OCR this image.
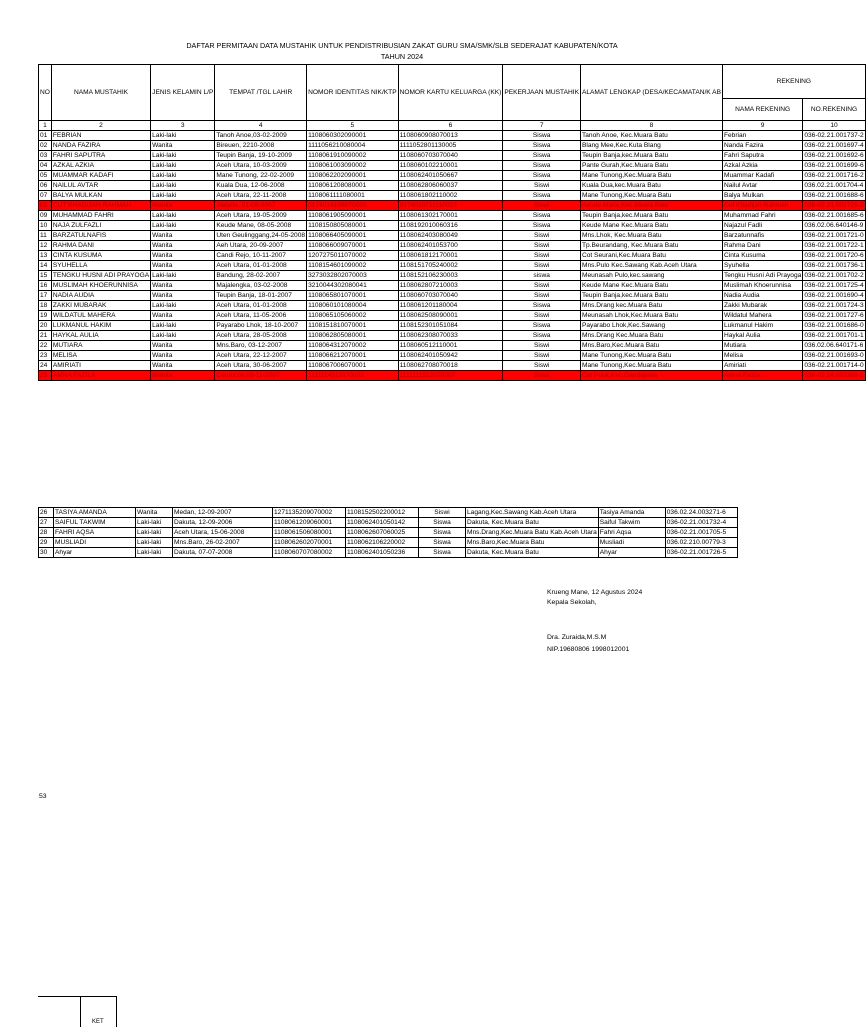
DAFTAR PERMITAAN DATA MUSTAHIK UNTUK PENDISTRIBUSIAN ZAKAT GURU SMA/SMK/SLB SEDERAJAT KABUPATEN/KOTA
TAHUN 2024
NO	NAMA MUSTAHIK	JENIS KELAMIN L/P	TEMPAT /TGL LAHIR	NOMOR IDENTITAS NIK/KTP	NOMOR KARTU KELUARGA (KK)	PEKERJAAN MUSTAHIK	ALAMAT LENGKAP (DESA/KECAMATAN/K AB	REKENING	
								NAMA REKENING	NO.REKENING
1	2	3	4	5	6	7	8	9	10
01	FEBRIAN	Laki-laki	Tanoh Anoe,03-02-2009	1108060302090001	1108060908070013	Siswa	Tanoh Anoe, Kec.Muara Batu	Febrian	036-02.21.001737-2
02	NANDA FAZIRA	Wanita	Bireuen, 2210-2008	1111056210080004	1111052801130005	Siswa	Blang Mee,Kec.Kuta Blang	Nanda Fazira	036-02.21.001697-4
03	FAHRI SAPUTRA	Laki-laki	Teupin Banja, 19-10-2009	1108061910090002	1108060703070040	Siswa	Teupin Banja,kec.Muara Batu	Fahri Saputra	036-02.21.001692-6
04	AZKAL AZKIA	Laki-laki	Aceh Utara, 10-03-2009	1108061003090002	1108060102210001	Siswa	Pante Gurah,Kec.Muara Batu	Azkal Azkia	036-02.21.001699-6
05	MUAMMAR KADAFI	Laki-laki	Mane Tunong, 22-02-2009	1108062202090001	1108062401050667	Siswa	Mane Tunong,Kec.Muara Batu	Muammar Kadafi	036-02.21.001716-2
06	NAILUL AVTAR	Laki-laki	Kuala Dua, 12-06-2008	1108061208080001	1108062806060037	Siswi	Kuala Dua,kec.Muara Batu	Nailul Avtar	036.02.21.001704-4
07	BALYA MULKAN	Laki-laki	Aceh Utara, 22-11-2008	1108061111080001	1108061802110002	Siswa	Mane Tunong,Kec.Muara Batu	Balya Mulkan	036-02.21.001688-6
08	CUT KHADIJAH RAHMAH	Wanita	Jakarta, 01-08-2007	3174014108070001	3174010711110023	Siswi	Keude Mane,Kec.Muara Batu	Cut Khadijah Rahmah	036-02.21.001725-2
09	MUHAMMAD FAHRI	Laki-laki	Aceh Utara, 19-05-2009	1108061905090001	1108061302170001	Siswa	Teupin Banja,kec.Muara Batu	Muhammad Fahri	036-02.21.001685-6
10	NAJA ZULFAZLI	Laki-laki	Keude Mane, 08-05-2008	1108150805080001	1108192010060316	Siswa	Keude Mane Kec.Muara Batu	Najazul Fadli	036.02.06.640146-9
11	BARZATULNAFIS	Wanita	Uten Geulinggang,24-05-2008	1108066405090001	1108062403080049	Siswi	Mns.Lhok, Kec.Muara Batu	Barzatunnafis	036-02.21.001721-0
12	RAHMA DANI	Wanita	Aeh Utara, 20-09-2007	1108066009070001	1108062401053700	Siswi	Tp.Beurandang, Kec.Muara Batu	Rahma Dani	036-02.21.001722-1
13	CINTA KUSUMA	Wanita	Candi Rejo, 10-11-2007	1207275011070002	1108061812170001	Siswi	Cot Seurani,Kec.Muara Batu	Cinta Kusuma	036-02.21.001720-6
14	SYUHELLA	Wanita	Aceh Utara, 01-01-2008	1108154601090002	1108151705240002	Siswi	Mns.Pulo Kec.Sawang Kab.Aceh Utara	Syuhella	036-02.21.001736-1
15	TENGKU HUSNI ADI PRAYOGA	Laki-laki	Bandung, 28-02-2007	3273032802070003	1108152106230003	siswa	Meunasah Pulo,kec.sawang	Tengku Husni Adi Prayoga	036-02.21.001702-2
16	MUSLIMAH KHOERUNNISA	Wanita	Majalengka, 03-02-2008	3210044302080041	1108062807210003	Siswi	Keude Mane Kec.Muara Batu	Muslimah Khoerunnisa	036-02.21.001725-4
17	NADIA AUDIA	Wanita	Teupin Banja, 18-01-2007	1108065801070001	1108060703070040	Siswi	Teupin Banja,kec.Muara Batu	Nadia Audia	036-02.21.001690-4
18	ZAKKI MUBARAK	Laki-laki	Aceh Utara, 01-01-2008	1108060101080004	1108061201180004	Siswa	Mns.Drang kec.Muara Batu	Zakki Mubarak	036-02.21.001724-3
19	WILDATUL MAHERA	Wanita	Aceh Utara, 11-05-2006	1108065105060002	1108062508090001	Siswi	Meunasah Lhok,Kec.Muara Batu	Wildatul Mahera	036-02.21.001727-6
20	LUKMANUL HAKIM	Laki-laki	Payarabo Lhok, 18-10-2007	1108151810070001	1108152301051084	Siswa	Payarabo Lhok,Kec.Sawang	Lukmanul Hakim	036-02.21.001686-0
21	HAYKAL AULIA	Laki-laki	Aceh Utara, 28-05-2008	1108062805080001	1108062308070033	Siswa	Mns.Drang Kec.Muara Batu	Haykal Aulia	036-02.21.001701-1
22	MUTIARA	Wanita	Mns.Baro, 03-12-2007	1108064312070002	1108060512110001	Siswi	Mns.Baro,Kec.Muara Batu	Mutiara	036.02.06.640171-6
23	MELISA	Wanita	Aceh Utara, 22-12-2007	1108066212070001	1108062401050942	Siswi	Mane Tunong,Kec.Muara Batu	Melisa	036-02.21.001693-0
24	AMIRIATI	Wanita	Aceh Utara, 30-06-2007	1108067006070001	1108062708070018	Siswi	Mane Tunong,Kec.Muara Batu	Amiriati	036-02.21.001714-0
25	AMNA FAZILA	Wanita	Ceurucok,08-11-2007	1111114811070002	1111111512070007	Siswi	Cot Puuk,Kec.Gandapura	Amna Fazila	036-02.24.003268-1
26	TASIYA AMANDA	Wanita	Medan, 12-09-2007	1271135209070002	1108152502200012	Siswi	Lagang,Kec.Sawang Kab.Aceh Utara	Tasiya Amanda	036.02.24.003271-6
27	SAIFUL TAKWIM	Laki-laki	Dakuta, 12-09-2006	1108061209060001	1108062401050142	Siswa	Dakuta, Kec.Muara Batu	Saiful Takwim	036-02.21.001732-4
28	FAHRI AQSA	Laki-laki	Aceh Utara, 15-06-2008	1108061506080001	1108062607060025	Siswa	Mns.Drang,Kec.Muara Batu Kab.Aceh Utara	Fahri Aqsa	036-02.21.001705-5
29	MUSLIADI	Laki-laki	Mns.Baro, 26-02-2007	1108062602070001	1108062106220002	Siswa	Mns.Baro,Kec.Muara Batu	Musliadi	036.02.210.00779-3
30	Ahyar	Laki-laki	Dakuta, 07-07-2008	1108060707080002	1108062401050236	Siswa	Dakuta, Kec.Muara Batu	Ahyar	036-02.21.001726-5
Krueng Mane, 12 Agustus 2024
Kepala Sekolah,
Dra. Zuraida,M.S.M
NIP.19680806 1998012001
53
KET
